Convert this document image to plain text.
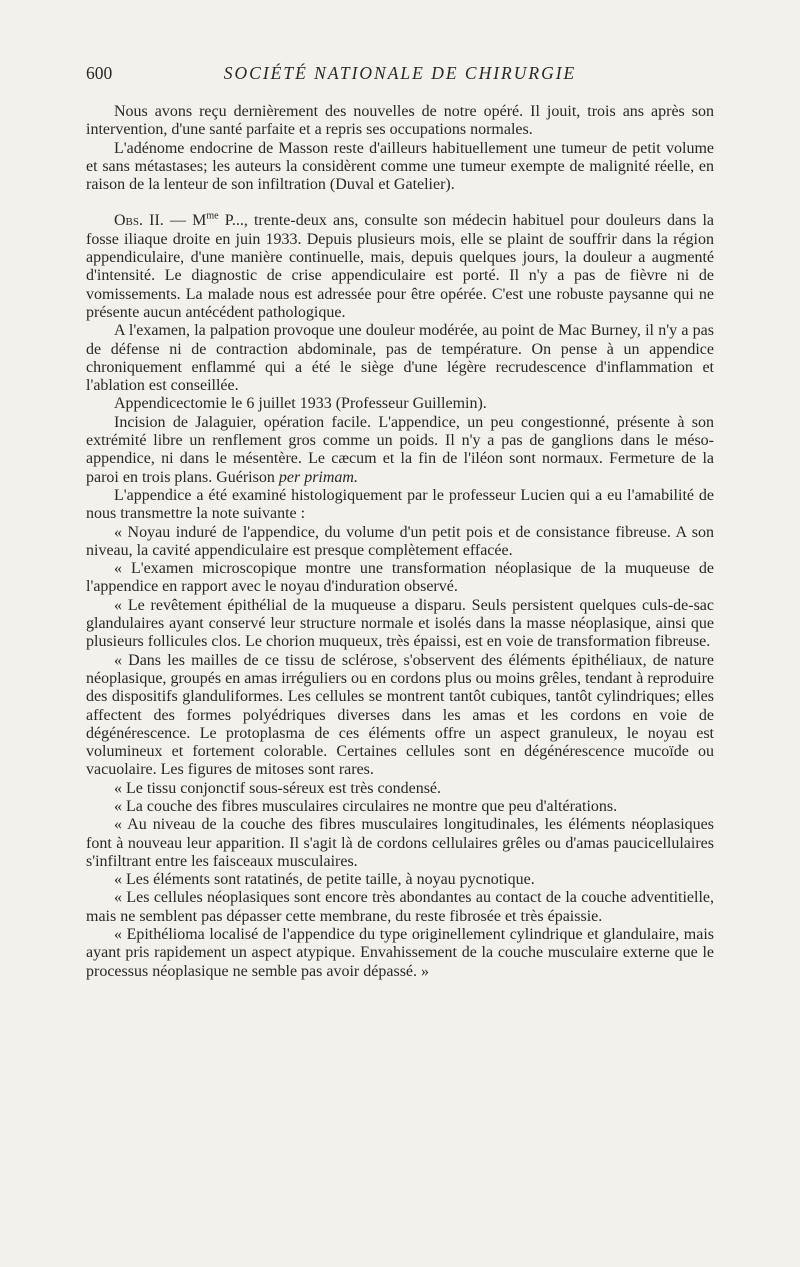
600	SOCIÉTÉ NATIONALE DE CHIRURGIE

Nous avons reçu dernièrement des nouvelles de notre opéré. Il jouit, trois ans après son intervention, d'une santé parfaite et a repris ses occupations normales.

L'adénome endocrine de Masson reste d'ailleurs habituellement une tumeur de petit volume et sans métastases; les auteurs la considèrent comme une tumeur exempte de malignité réelle, en raison de la lenteur de son infiltration (Duval et Gatelier).

Obs. II. — $M^{me}$ P..., trente-deux ans, consulte son médecin habituel pour douleurs dans la fosse iliaque droite en juin 1933. Depuis plusieurs mois, elle se plaint de souffrir dans la région appendiculaire, d'une manière continuelle, mais, depuis quelques jours, la douleur a augmenté d'intensité. Le diagnostic de crise appendiculaire est porté. Il n'y a pas de fièvre ni de vomissements. La malade nous est adressée pour être opérée. C'est une robuste paysanne qui ne présente aucun antécédent pathologique.

A l'examen, la palpation provoque une douleur modérée, au point de Mac Burney, il n'y a pas de défense ni de contraction abdominale, pas de température. On pense à un appendice chroniquement enflammé qui a été le siège d'une légère recrudescence d'inflammation et l'ablation est conseillée.

Appendicectomie le 6 juillet 1933 (Professeur Guillemin).

Incision de Jalaguier, opération facile. L'appendice, un peu congestionné, présente à son extrémité libre un renflement gros comme un poids. Il n'y a pas de ganglions dans le méso-appendice, ni dans le mésentère. Le cæcum et la fin de l'iléon sont normaux. Fermeture de la paroi en trois plans. Guérison per primam.

L'appendice a été examiné histologiquement par le professeur Lucien qui a eu l'amabilité de nous transmettre la note suivante :

« Noyau induré de l'appendice, du volume d'un petit pois et de consistance fibreuse. A son niveau, la cavité appendiculaire est presque complètement effacée.

« L'examen microscopique montre une transformation néoplasique de la muqueuse de l'appendice en rapport avec le noyau d'induration observé.

« Le revêtement épithélial de la muqueuse a disparu. Seuls persistent quelques culs-de-sac glandulaires ayant conservé leur structure normale et isolés dans la masse néoplasique, ainsi que plusieurs follicules clos. Le chorion muqueux, très épaissi, est en voie de transformation fibreuse.

« Dans les mailles de ce tissu de sclérose, s'observent des éléments épithéliaux, de nature néoplasique, groupés en amas irréguliers ou en cordons plus ou moins grêles, tendant à reproduire des dispositifs glanduliformes. Les cellules se montrent tantôt cubiques, tantôt cylindriques; elles affectent des formes polyédriques diverses dans les amas et les cordons en voie de dégénérescence. Le protoplasma de ces éléments offre un aspect granuleux, le noyau est volumineux et fortement colorable. Certaines cellules sont en dégénérescence mucoïde ou vacuolaire. Les figures de mitoses sont rares.

« Le tissu conjonctif sous-séreux est très condensé.

« La couche des fibres musculaires circulaires ne montre que peu d'altérations.

« Au niveau de la couche des fibres musculaires longitudinales, les éléments néoplasiques font à nouveau leur apparition. Il s'agit là de cordons cellulaires grêles ou d'amas paucicellulaires s'infiltrant entre les faisceaux musculaires.

« Les éléments sont ratatinés, de petite taille, à noyau pycnotique.

« Les cellules néoplasiques sont encore très abondantes au contact de la couche adventitielle, mais ne semblent pas dépasser cette membrane, du reste fibrosée et très épaissie.

« Epithélioma localisé de l'appendice du type originellement cylindrique et glandulaire, mais ayant pris rapidement un aspect atypique. Envahissement de la couche musculaire externe que le processus néoplasique ne semble pas avoir dépassé. »
